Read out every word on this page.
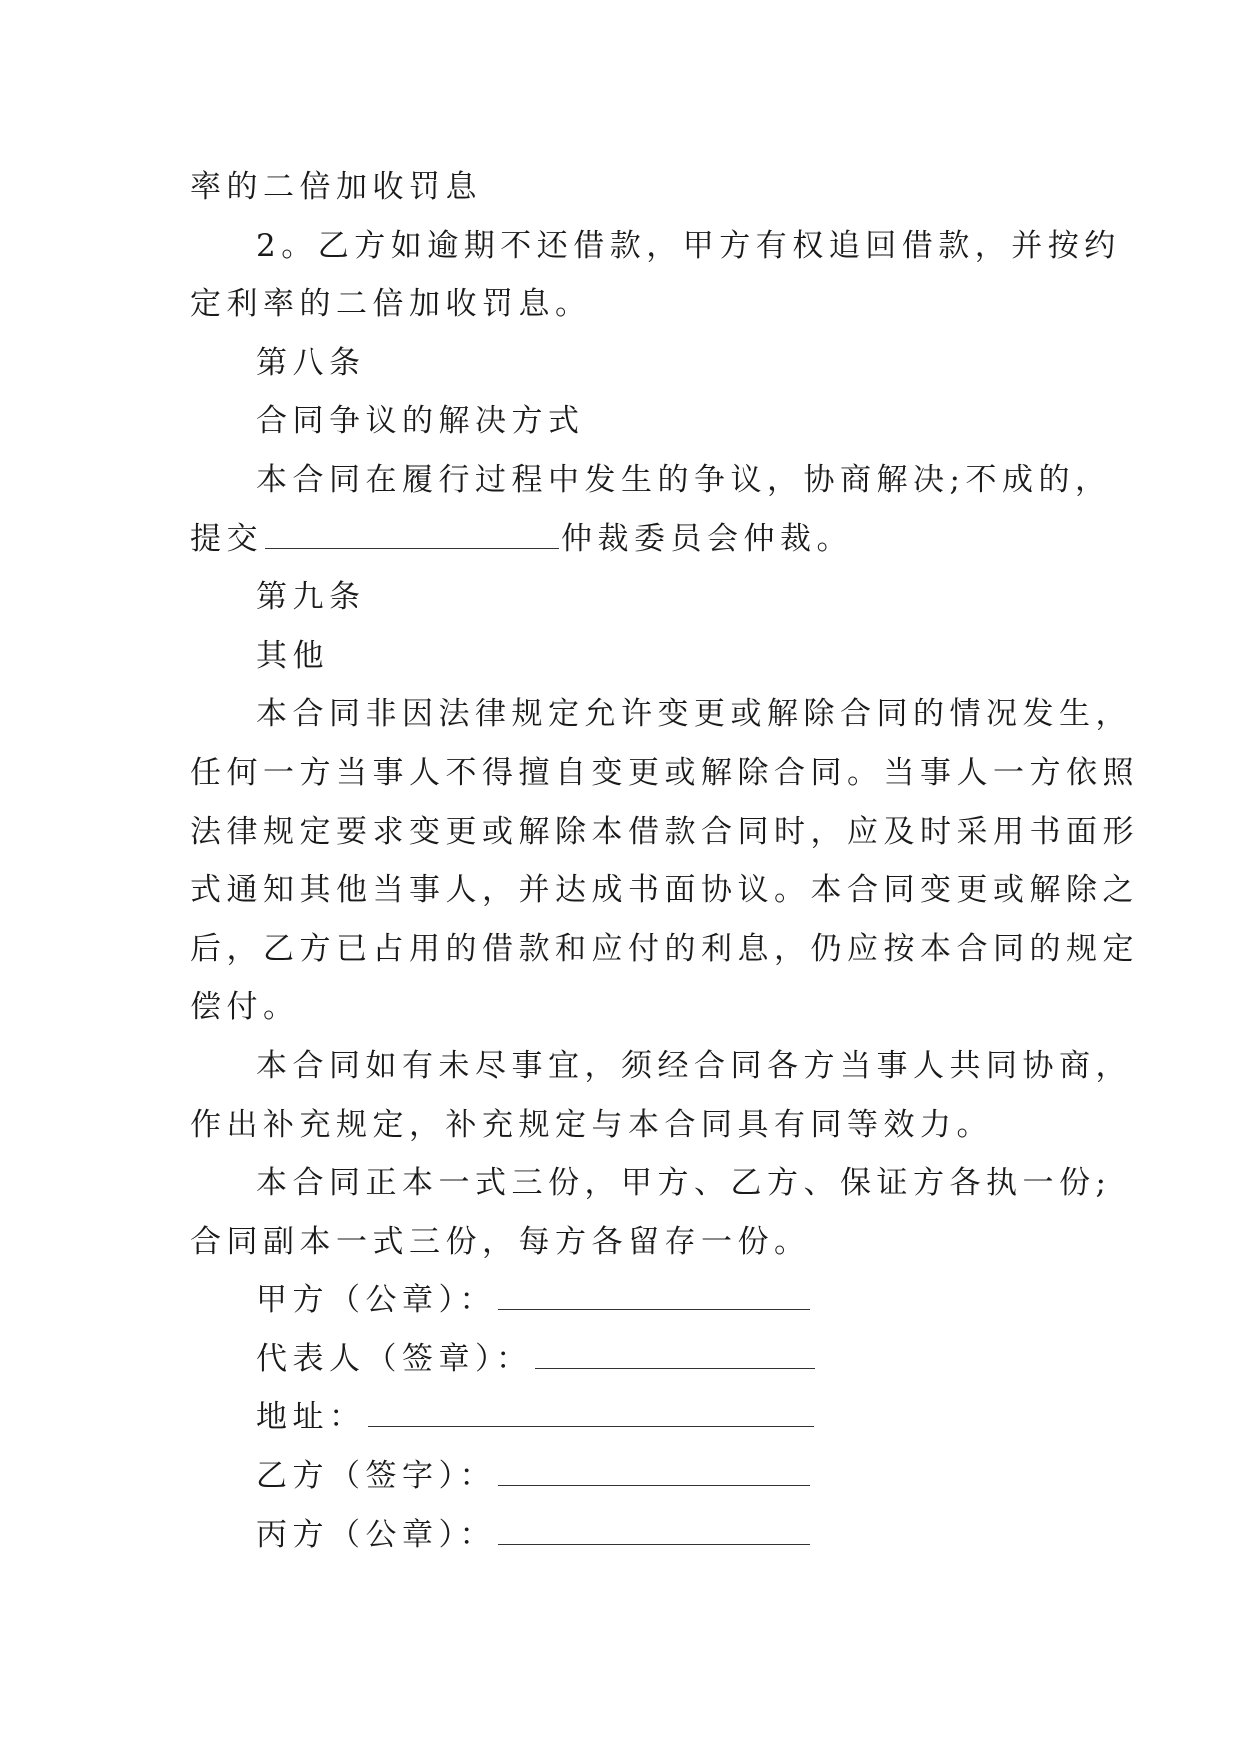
率的二倍加收罚息
2。乙方如逾期不还借款，甲方有权追回借款，并按约
定利率的二倍加收罚息。
第八条
合同争议的解决方式
本合同在履行过程中发生的争议，协商解决;不成的，
提交	仲裁委员会仲裁。
第九条
其他
本合同非因法律规定允许变更或解除合同的情况发生，
任何一方当事人不得擅自变更或解除合同。当事人一方依照
法律规定要求变更或解除本借款合同时，应及时采用书面形
式通知其他当事人，并达成书面协议。本合同变更或解除之
后，乙方已占用的借款和应付的利息，仍应按本合同的规定
偿付。
本合同如有未尽事宜，须经合同各方当事人共同协商，
作出补充规定，补充规定与本合同具有同等效力。
本合同正本一式三份，甲方、乙方、保证方各执一份;
合同副本一式三份，每方各留存一份。
甲方（公章）：
代表人（签章）：
地址：
乙方（签字）：
丙方（公章）：
